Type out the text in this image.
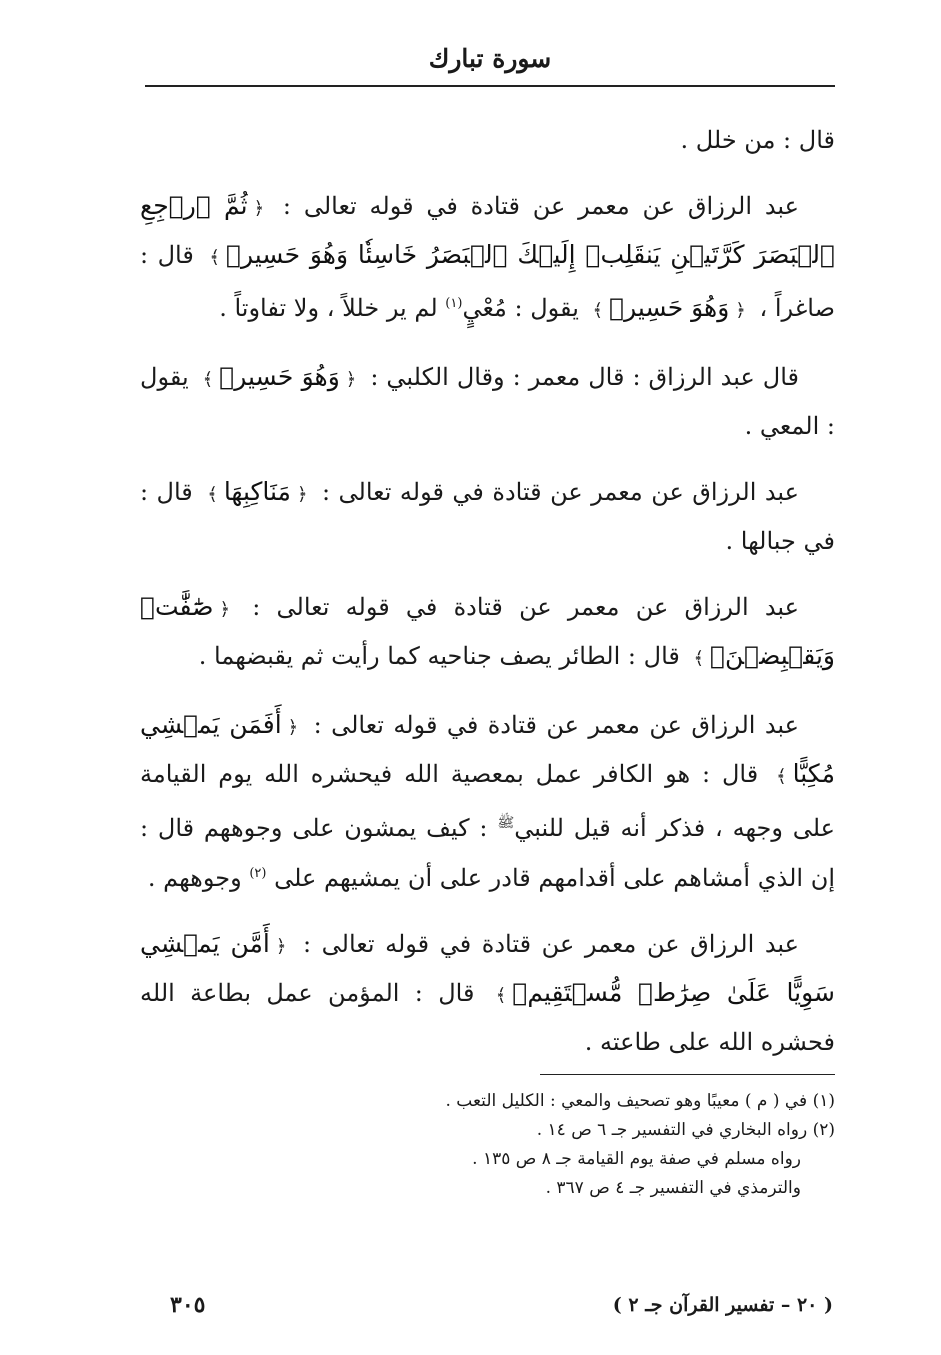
سورة تبارك

قال : من خلل .

عبد الرزاق عن معمر عن قتادة في قوله تعالى : ﴿ثُمَّ ٱرۡجِعِ ٱلۡبَصَرَ كَرَّتَيۡنِ يَنقَلِبۡ إِلَيۡكَ ٱلۡبَصَرُ خَاسِئٗا وَهُوَ حَسِيرٞ﴾ قال : صاغراً ، ﴿وَهُوَ حَسِيرٞ﴾ يقول : مُعْيٍ$^{(١)}$ لم ير خللاً ، ولا تفاوتاً .

قال عبد الرزاق : قال معمر : وقال الكلبي : ﴿وَهُوَ حَسِيرٞ﴾ يقول : المعي .

عبد الرزاق عن معمر عن قتادة في قوله تعالى : ﴿مَنَاكِبِهَا﴾ قال : في جبالها .

عبد الرزاق عن معمر عن قتادة في قوله تعالى : ﴿صَٰٓفَّٰتٖ وَيَقۡبِضۡنَۚ﴾ قال : الطائر يصف جناحيه كما رأيت ثم يقبضهما .

عبد الرزاق عن معمر عن قتادة في قوله تعالى : ﴿أَفَمَن يَمۡشِي مُكِبًّا﴾ قال : هو الكافر عمل بمعصية الله فيحشره الله يوم القيامة على وجهه ، فذكر أنه قيل للنبي$^ﷺ$ : كيف يمشون على وجوههم قال : إن الذي أمشاهم على أقدامهم قادر على أن يمشيهم على $^{(٢)}$ وجوههم .

عبد الرزاق عن معمر عن قتادة في قوله تعالى : ﴿أَمَّن يَمۡشِي سَوِيًّا عَلَىٰ صِرَٰطٖ مُّسۡتَقِيمٖ﴾ قال : المؤمن عمل بطاعة الله فحشره الله على طاعته .

(١) في ( م ) معيبًا وهو تصحيف والمعي : الكليل التعب .

(٢) رواه البخاري في التفسير جـ ٦ ص ١٤ .

رواه مسلم في صفة يوم القيامة جـ ٨ ص ١٣٥ .

والترمذي في التفسير جـ ٤ ص ٣٦٧ .

٣٠٥	( ٢٠ – تفسير القرآن جـ ٢ )
